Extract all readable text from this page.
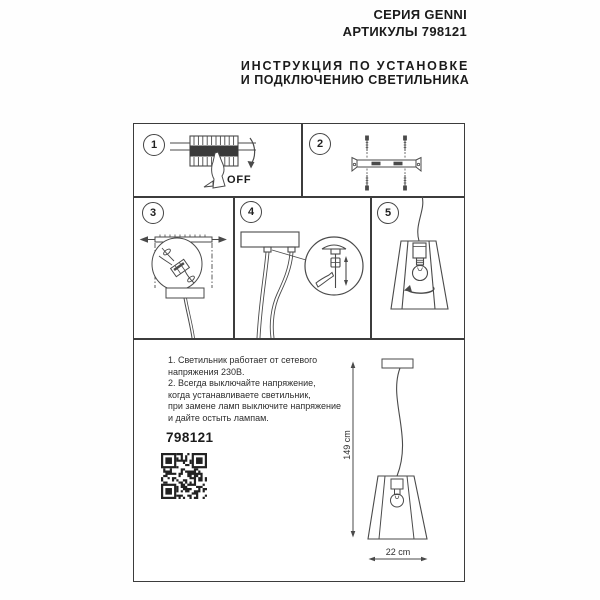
СЕРИЯ GENNI
АРТИКУЛЫ 798121
ИНСТРУКЦИЯ ПО УСТАНОВКЕ
И ПОДКЛЮЧЕНИЮ СВЕТИЛЬНИКА
1	2
3	4	5
OFF
1. Светильник работает от сетевого
напряжения 230В.
2. Всегда выключайте напряжение,
когда устанавливаете светильник,
при замене ламп выключите напряжение
и дайте остыть лампам.
798121	149 cm
22 cm
